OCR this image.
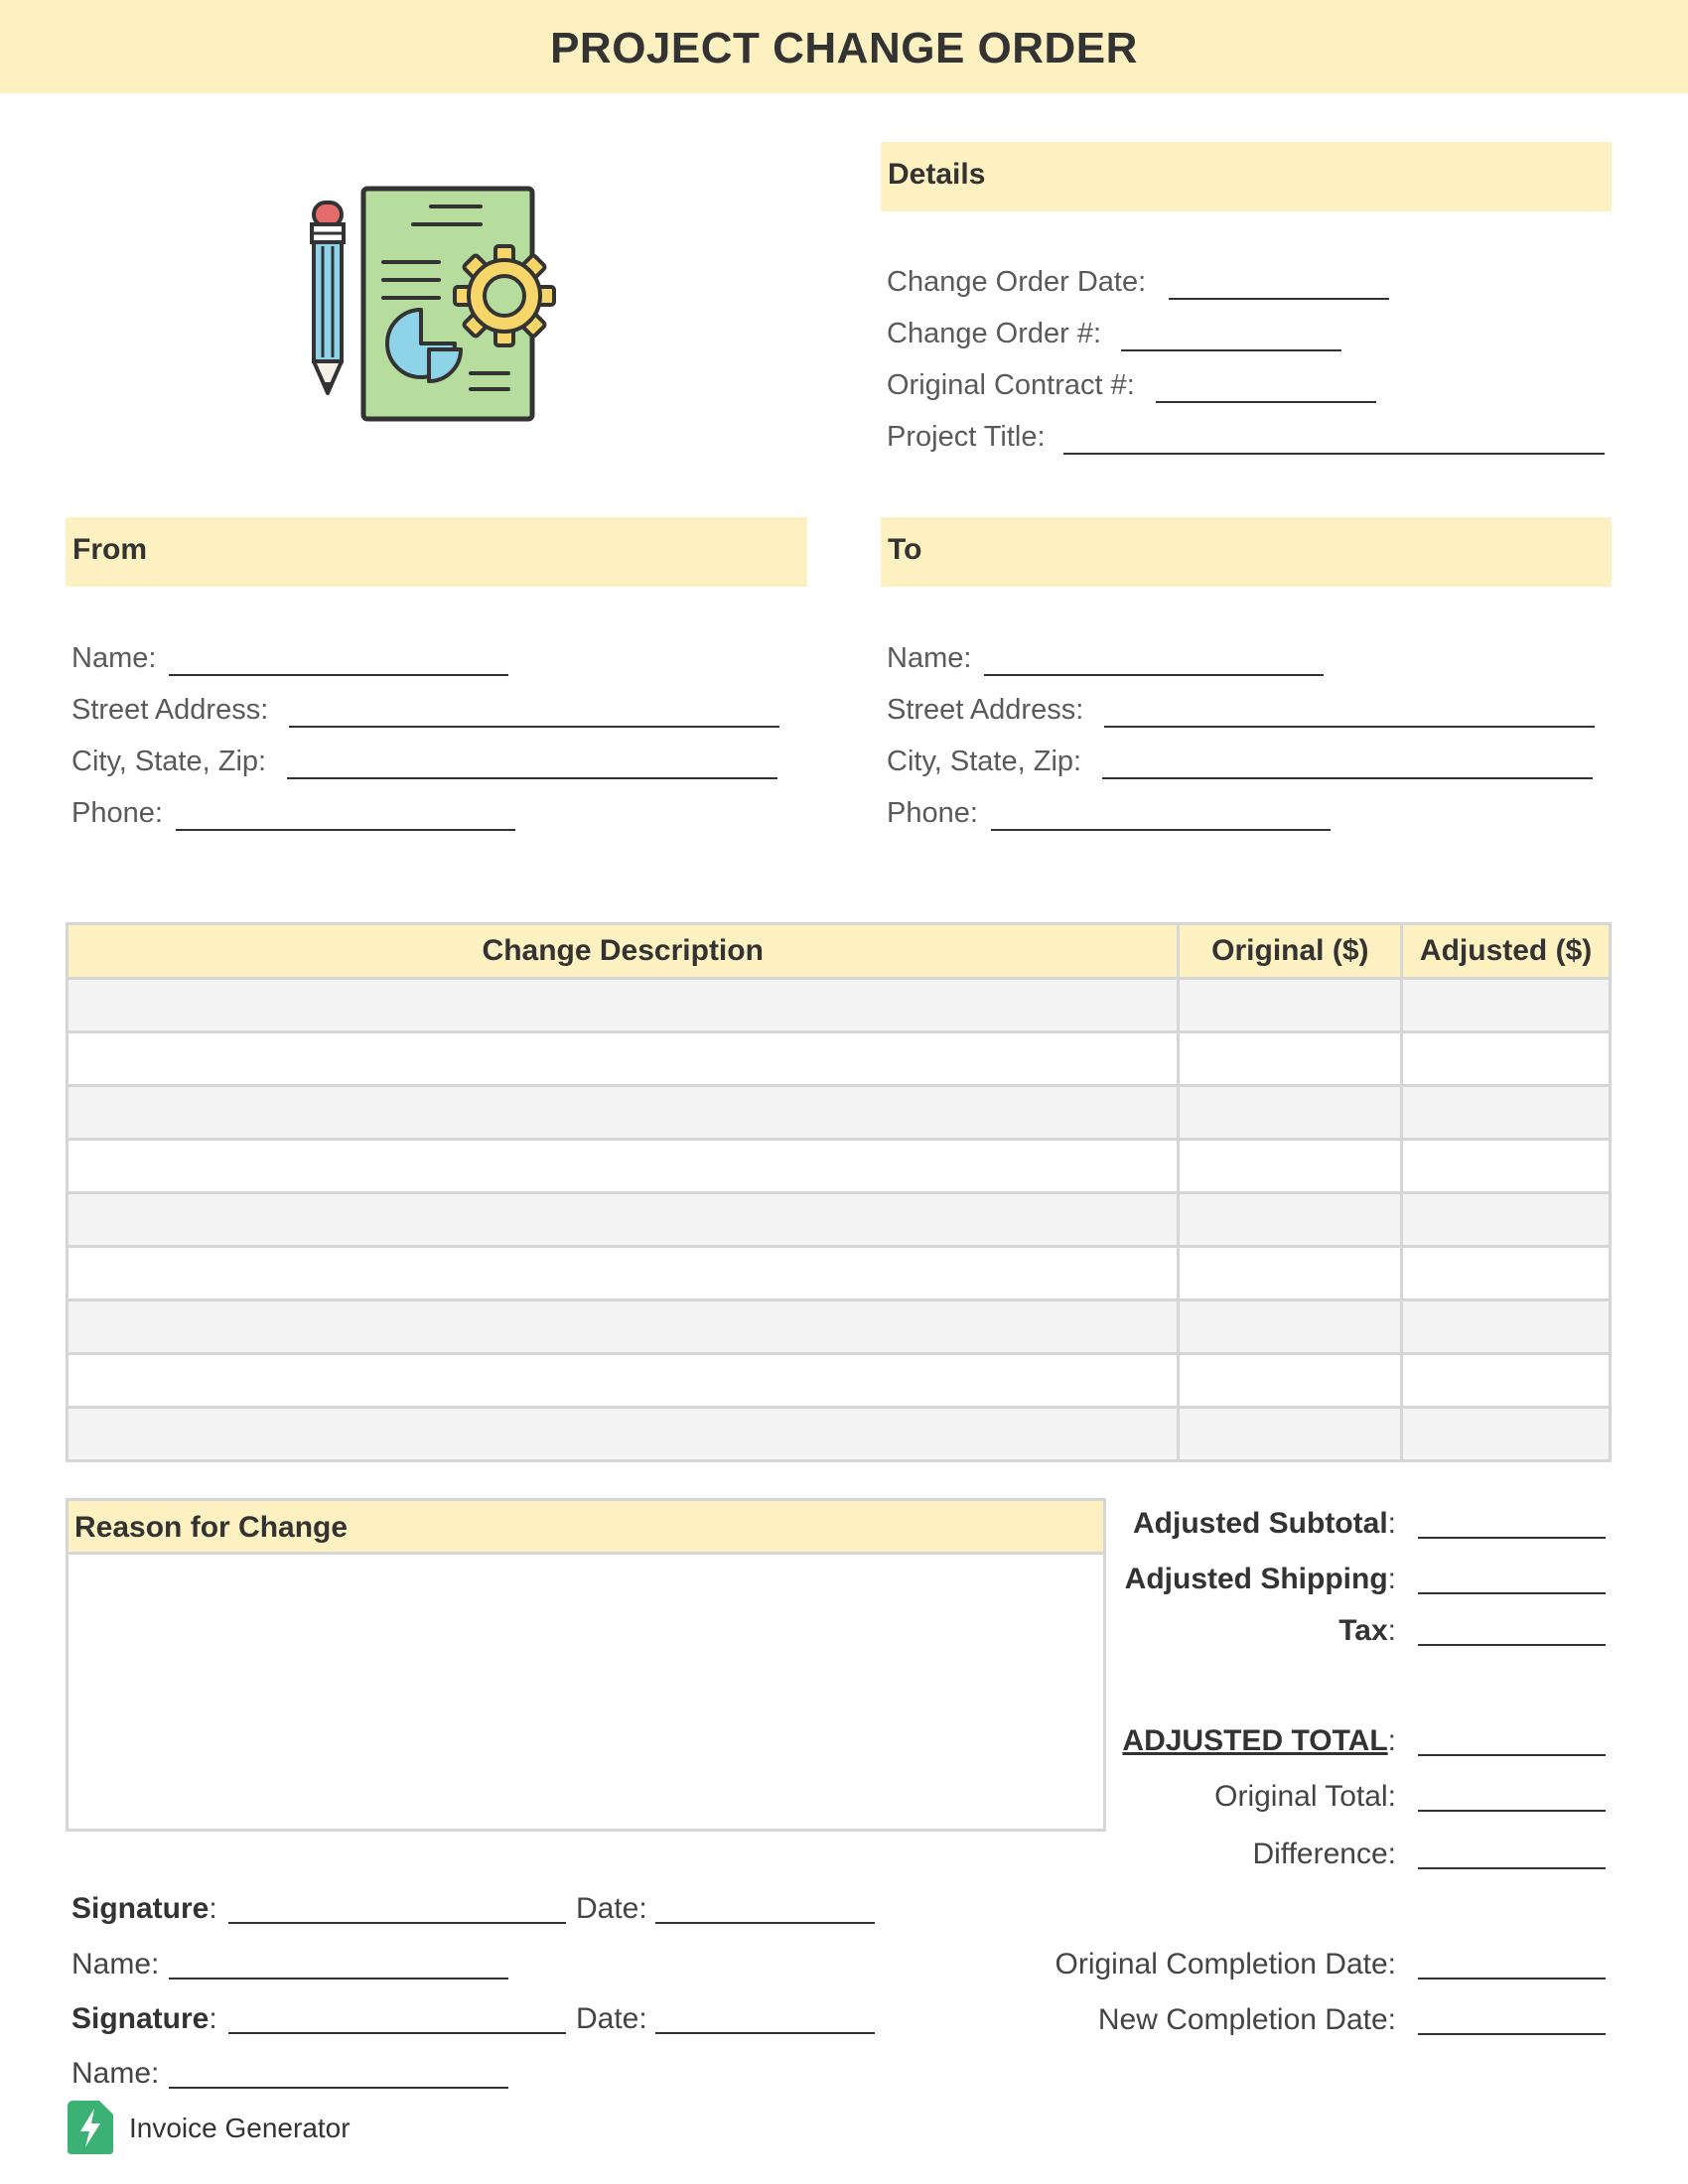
PROJECT CHANGE ORDER
Details
Change Order Date:
Change Order #:
Original Contract #:
Project Title:
From
Name:
Street Address:
City, State, Zip:
Phone:
To
Name:
Street Address:
City, State, Zip:
Phone:
Change Description	Original ($)	Adjusted ($)

Reason for Change	Adjusted Subtotal:
Adjusted Shipping:
Tax:
ADJUSTED TOTAL:
Original Total:
Difference:
Original Completion Date:
New Completion Date:
Signature:	Date:
Name:
Signature:	Date:
Name:
Invoice Generator
